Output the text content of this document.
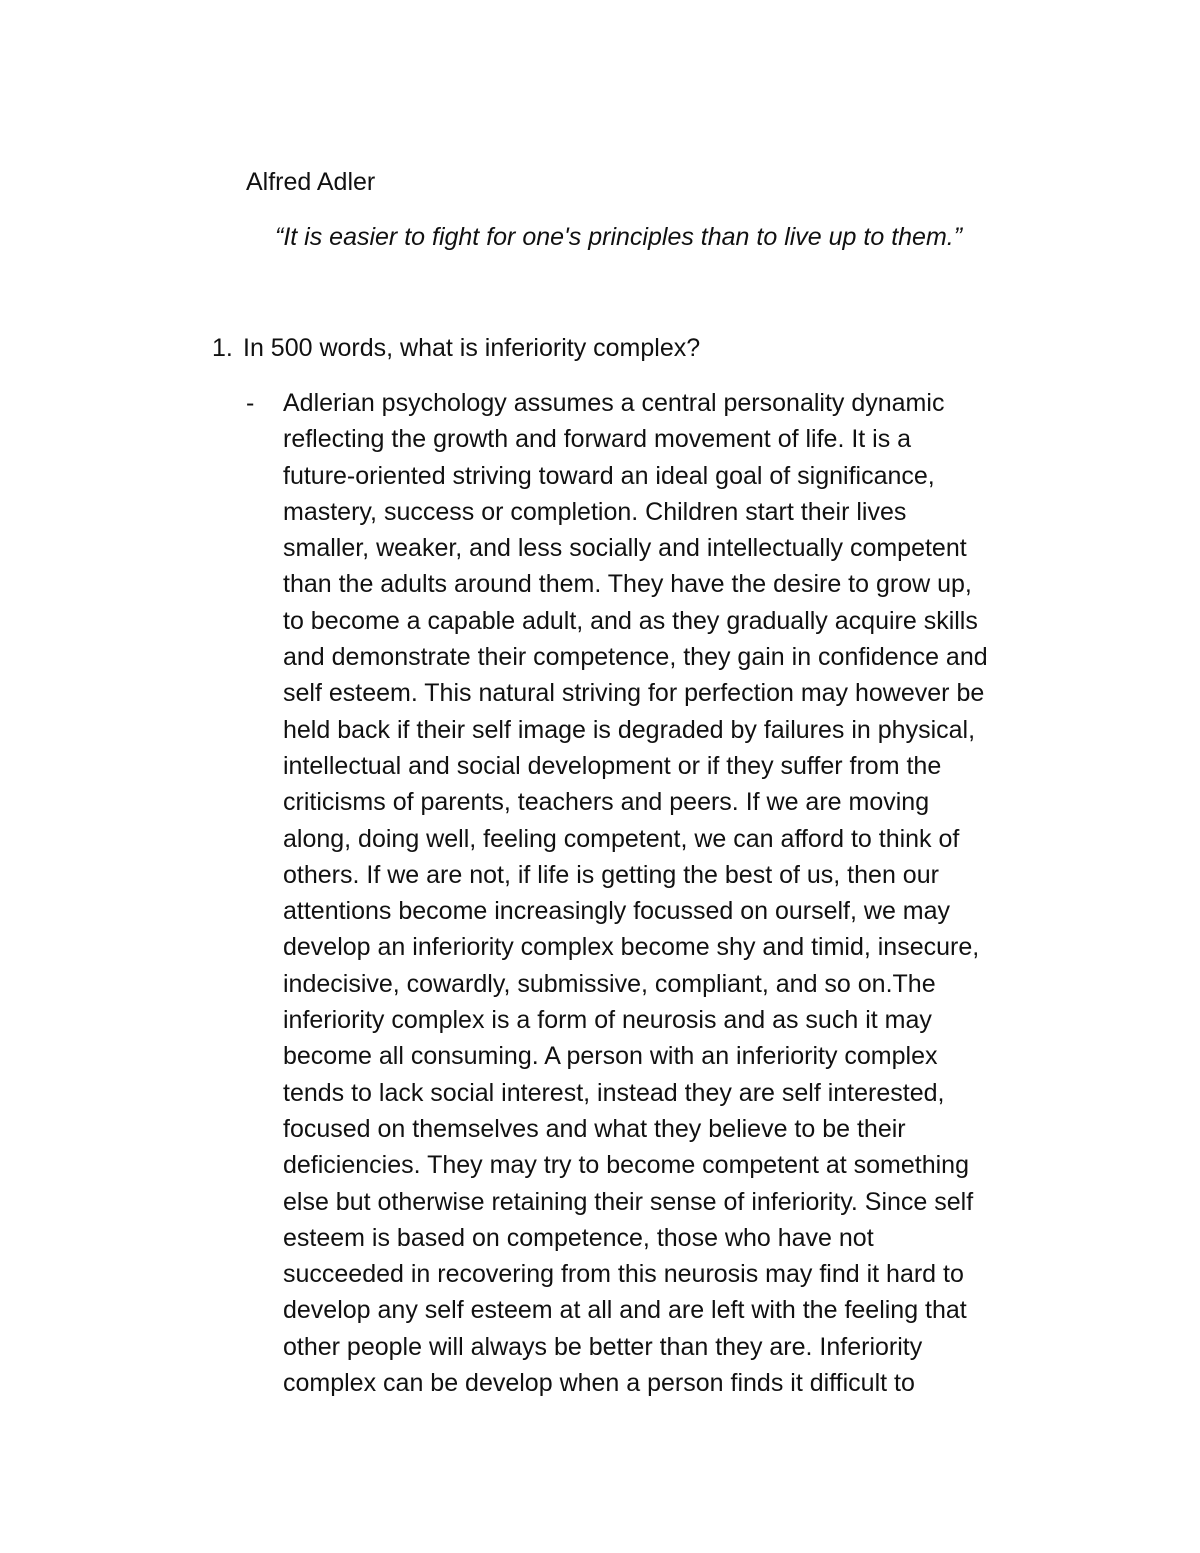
Alfred Adler

“It is easier to fight for one's principles than to live up to them.”

1. In 500 words, what is inferiority complex?

- Adlerian psychology assumes a central personality dynamic
reflecting the growth and forward movement of life. It is a
future-oriented striving toward an ideal goal of significance,
mastery, success or completion. Children start their lives
smaller, weaker, and less socially and intellectually competent
than the adults around them. They have the desire to grow up,
to become a capable adult, and as they gradually acquire skills
and demonstrate their competence, they gain in confidence and
self esteem. This natural striving for perfection may however be
held back if their self image is degraded by failures in physical,
intellectual and social development or if they suffer from the
criticisms of parents, teachers and peers. If we are moving
along, doing well, feeling competent, we can afford to think of
others. If we are not, if life is getting the best of us, then our
attentions become increasingly focussed on ourself, we may
develop an inferiority complex become shy and timid, insecure,
indecisive, cowardly, submissive, compliant, and so on.The
inferiority complex is a form of neurosis and as such it may
become all consuming. A person with an inferiority complex
tends to lack social interest, instead they are self interested,
focused on themselves and what they believe to be their
deficiencies. They may try to become competent at something
else but otherwise retaining their sense of inferiority. Since self
esteem is based on competence, those who have not
succeeded in recovering from this neurosis may find it hard to
develop any self esteem at all and are left with the feeling that
other people will always be better than they are. Inferiority
complex can be develop when a person finds it difficult to
